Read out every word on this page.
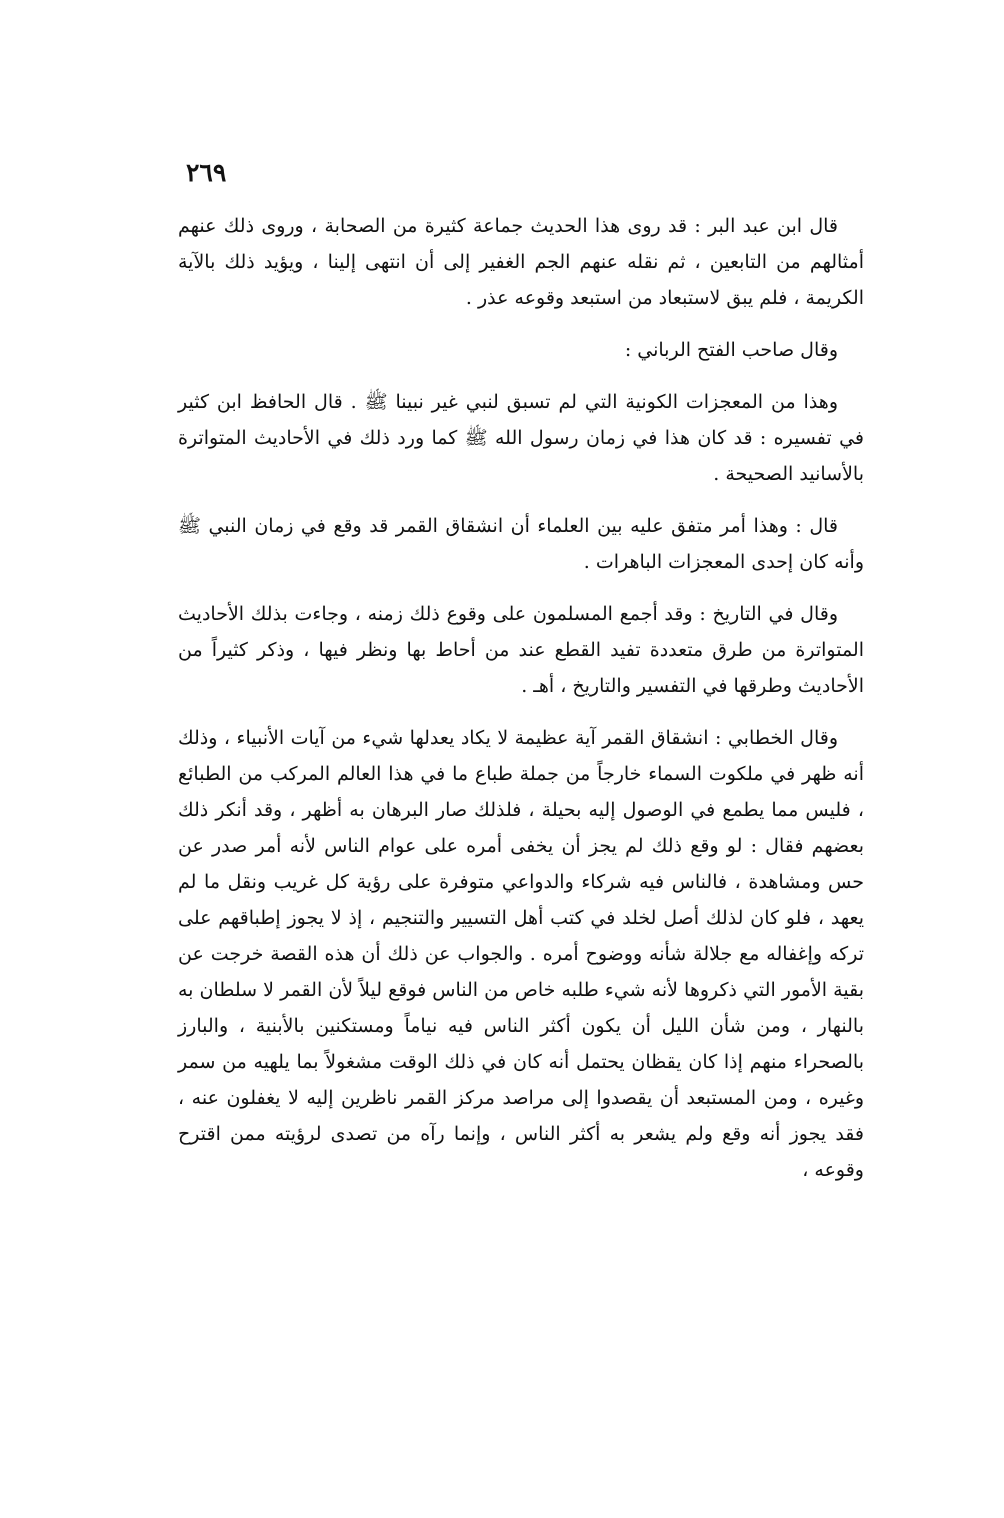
٢٦٩

قال ابن عبد البر : قد روى هذا الحديث جماعة كثيرة من الصحابة ، وروى ذلك عنهم أمثالهم من التابعين ، ثم نقله عنهم الجم الغفير إلى أن انتهى إلينا ، ويؤيد ذلك بالآية الكريمة ، فلم يبق لاستبعاد من استبعد وقوعه عذر .

وقال صاحب الفتح الرباني :

وهذا من المعجزات الكونية التي لم تسبق لنبي غير نبينا ﷺ . قال الحافظ ابن كثير في تفسيره : قد كان هذا في زمان رسول الله ﷺ كما ورد ذلك في الأحاديث المتواترة بالأسانيد الصحيحة .

قال : وهذا أمر متفق عليه بين العلماء أن انشقاق القمر قد وقع في زمان النبي ﷺ وأنه كان إحدى المعجزات الباهرات .

وقال في التاريخ : وقد أجمع المسلمون على وقوع ذلك زمنه ، وجاءت بذلك الأحاديث المتواترة من طرق متعددة تفيد القطع عند من أحاط بها ونظر فيها ، وذكر كثيراً من الأحاديث وطرقها في التفسير والتاريخ ، أهـ .

وقال الخطابي : انشقاق القمر آية عظيمة لا يكاد يعدلها شيء من آيات الأنبياء ، وذلك أنه ظهر في ملكوت السماء خارجاً من جملة طباع ما في هذا العالم المركب من الطبائع ، فليس مما يطمع في الوصول إليه بحيلة ، فلذلك صار البرهان به أظهر ، وقد أنكر ذلك بعضهم فقال : لو وقع ذلك لم يجز أن يخفى أمره على عوام الناس لأنه أمر صدر عن حس ومشاهدة ، فالناس فيه شركاء والدواعي متوفرة على رؤية كل غريب ونقل ما لم يعهد ، فلو كان لذلك أصل لخلد في كتب أهل التسيير والتنجيم ، إذ لا يجوز إطباقهم على تركه وإغفاله مع جلالة شأنه ووضوح أمره . والجواب عن ذلك أن هذه القصة خرجت عن بقية الأمور التي ذكروها لأنه شيء طلبه خاص من الناس فوقع ليلاً لأن القمر لا سلطان به بالنهار ، ومن شأن الليل أن يكون أكثر الناس فيه نياماً ومستكنين بالأبنية ، والبارز بالصحراء منهم إذا كان يقظان يحتمل أنه كان في ذلك الوقت مشغولاً بما يلهيه من سمر وغيره ، ومن المستبعد أن يقصدوا إلى مراصد مركز القمر ناظرين إليه لا يغفلون عنه ، فقد يجوز أنه وقع ولم يشعر به أكثر الناس ، وإنما رآه من تصدى لرؤيته ممن اقترح وقوعه ،
